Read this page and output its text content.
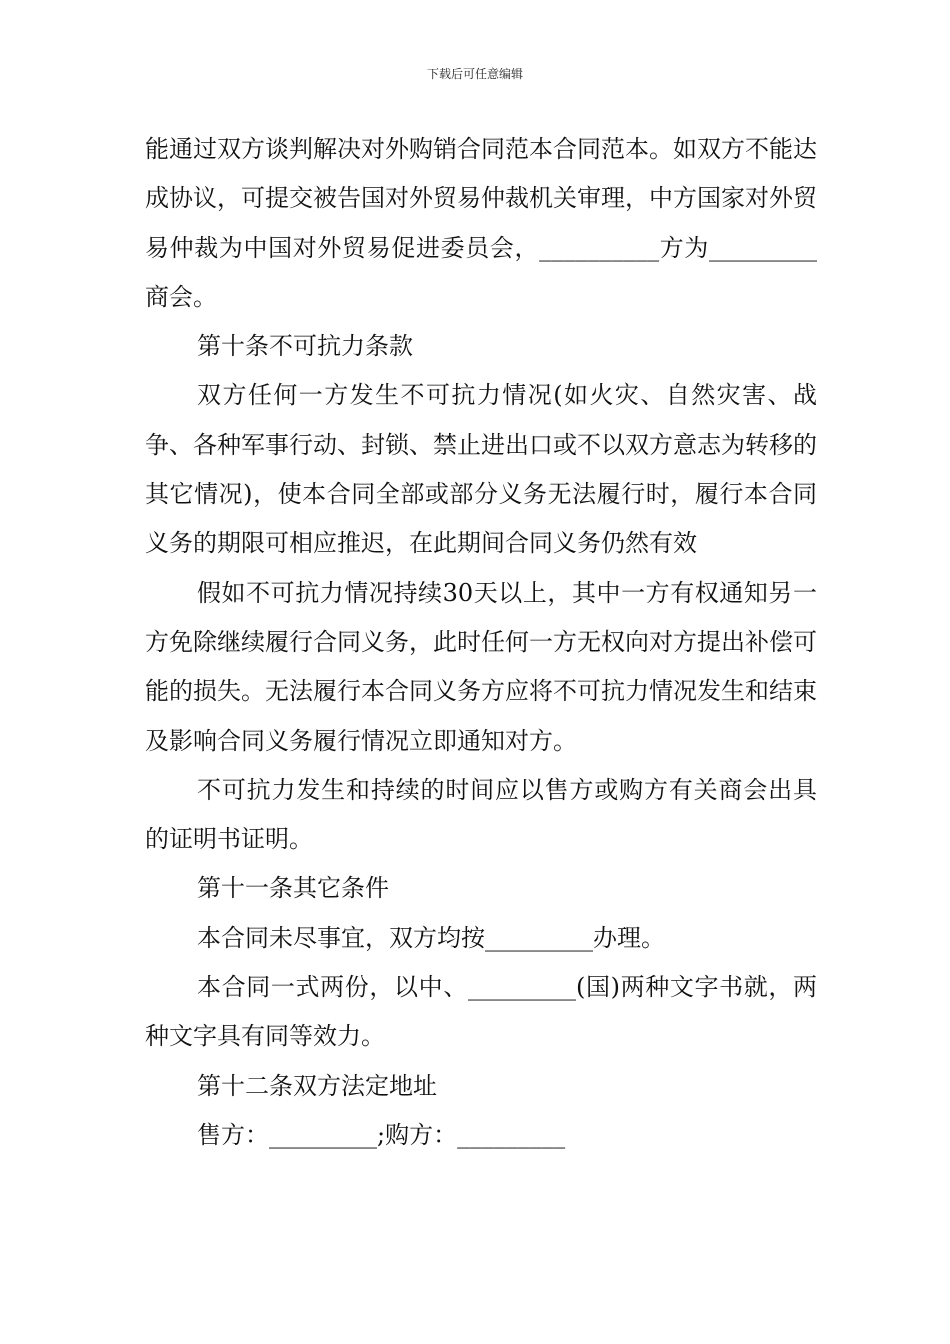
下载后可任意编辑

能通过双方谈判解决对外购销合同范本合同范本。如双方不能达成协议，可提交被告国对外贸易仲裁机关审理，中方国家对外贸易仲裁为中国对外贸易促进委员会，__________方为_________商会。

第十条不可抗力条款

双方任何一方发生不可抗力情况(如火灾、自然灾害、战争、各种军事行动、封锁、禁止进出口或不以双方意志为转移的其它情况)，使本合同全部或部分义务无法履行时，履行本合同义务的期限可相应推迟，在此期间合同义务仍然有效

假如不可抗力情况持续30天以上，其中一方有权通知另一方免除继续履行合同义务，此时任何一方无权向对方提出补偿可能的损失。无法履行本合同义务方应将不可抗力情况发生和结束及影响合同义务履行情况立即通知对方。

不可抗力发生和持续的时间应以售方或购方有关商会出具的证明书证明。

第十一条其它条件

本合同未尽事宜，双方均按_________办理。

本合同一式两份，以中、_________(国)两种文字书就，两种文字具有同等效力。

第十二条双方法定地址

售方：_________;购方：_________
